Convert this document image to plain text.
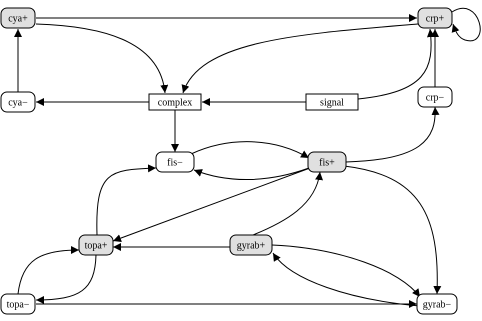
cya+	crp+
cya−	complex	signal	crp−
fis−	fis+
topa+	gyrab+
topa−	gyrab−
